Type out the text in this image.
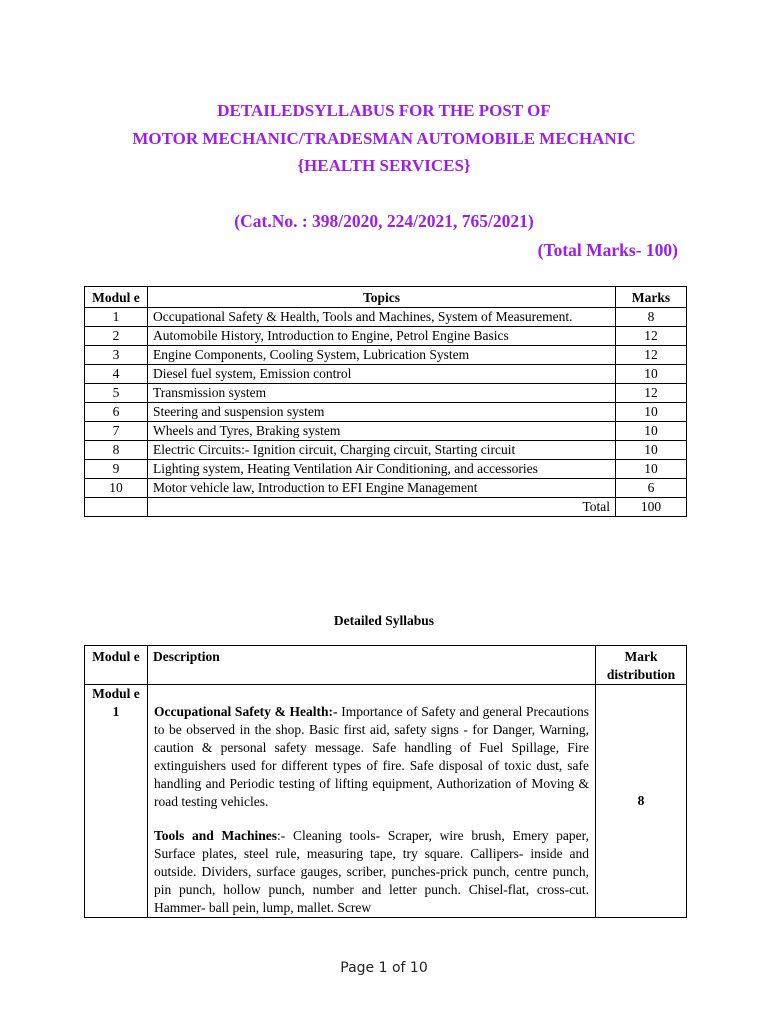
DETAILEDSYLLABUS FOR THE POST OF
MOTOR MECHANIC/TRADESMAN AUTOMOBILE MECHANIC
{HEALTH SERVICES}
(Cat.No. : 398/2020, 224/2021, 765/2021)
(Total Marks- 100)
Modul e	Topics	Marks
1	Occupational Safety & Health, Tools and Machines, System of Measurement.	8
2	Automobile History, Introduction to Engine, Petrol Engine Basics	12
3	Engine Components, Cooling System, Lubrication System	12
4	Diesel fuel system, Emission control	10
5	Transmission system	12
6	Steering and suspension system	10
7	Wheels and Tyres, Braking system	10
8	Electric Circuits:- Ignition circuit, Charging circuit, Starting circuit	10
9	Lighting system, Heating Ventilation Air Conditioning, and accessories	10
10	Motor vehicle law, Introduction to EFI Engine Management	6
	Total	100
Detailed Syllabus
Modul e	Description	Mark distribution
Modul e 1	Occupational Safety & Health:- Importance of Safety and general Precautions to be observed in the shop. Basic first aid, safety signs - for Danger, Warning, caution & personal safety message. Safe handling of Fuel Spillage, Fire extinguishers used for different types of fire. Safe disposal of toxic dust, safe handling and Periodic testing of lifting equipment, Authorization of Moving & road testing vehicles.

Tools and Machines:- Cleaning tools- Scraper, wire brush, Emery paper, Surface plates, steel rule, measuring tape, try square. Callipers- inside and outside. Dividers, surface gauges, scriber, punches-prick punch, centre punch, pin punch, hollow punch, number and letter punch. Chisel-flat, cross-cut. Hammer- ball pein, lump, mallet. Screw	8
Page 1 of 10
